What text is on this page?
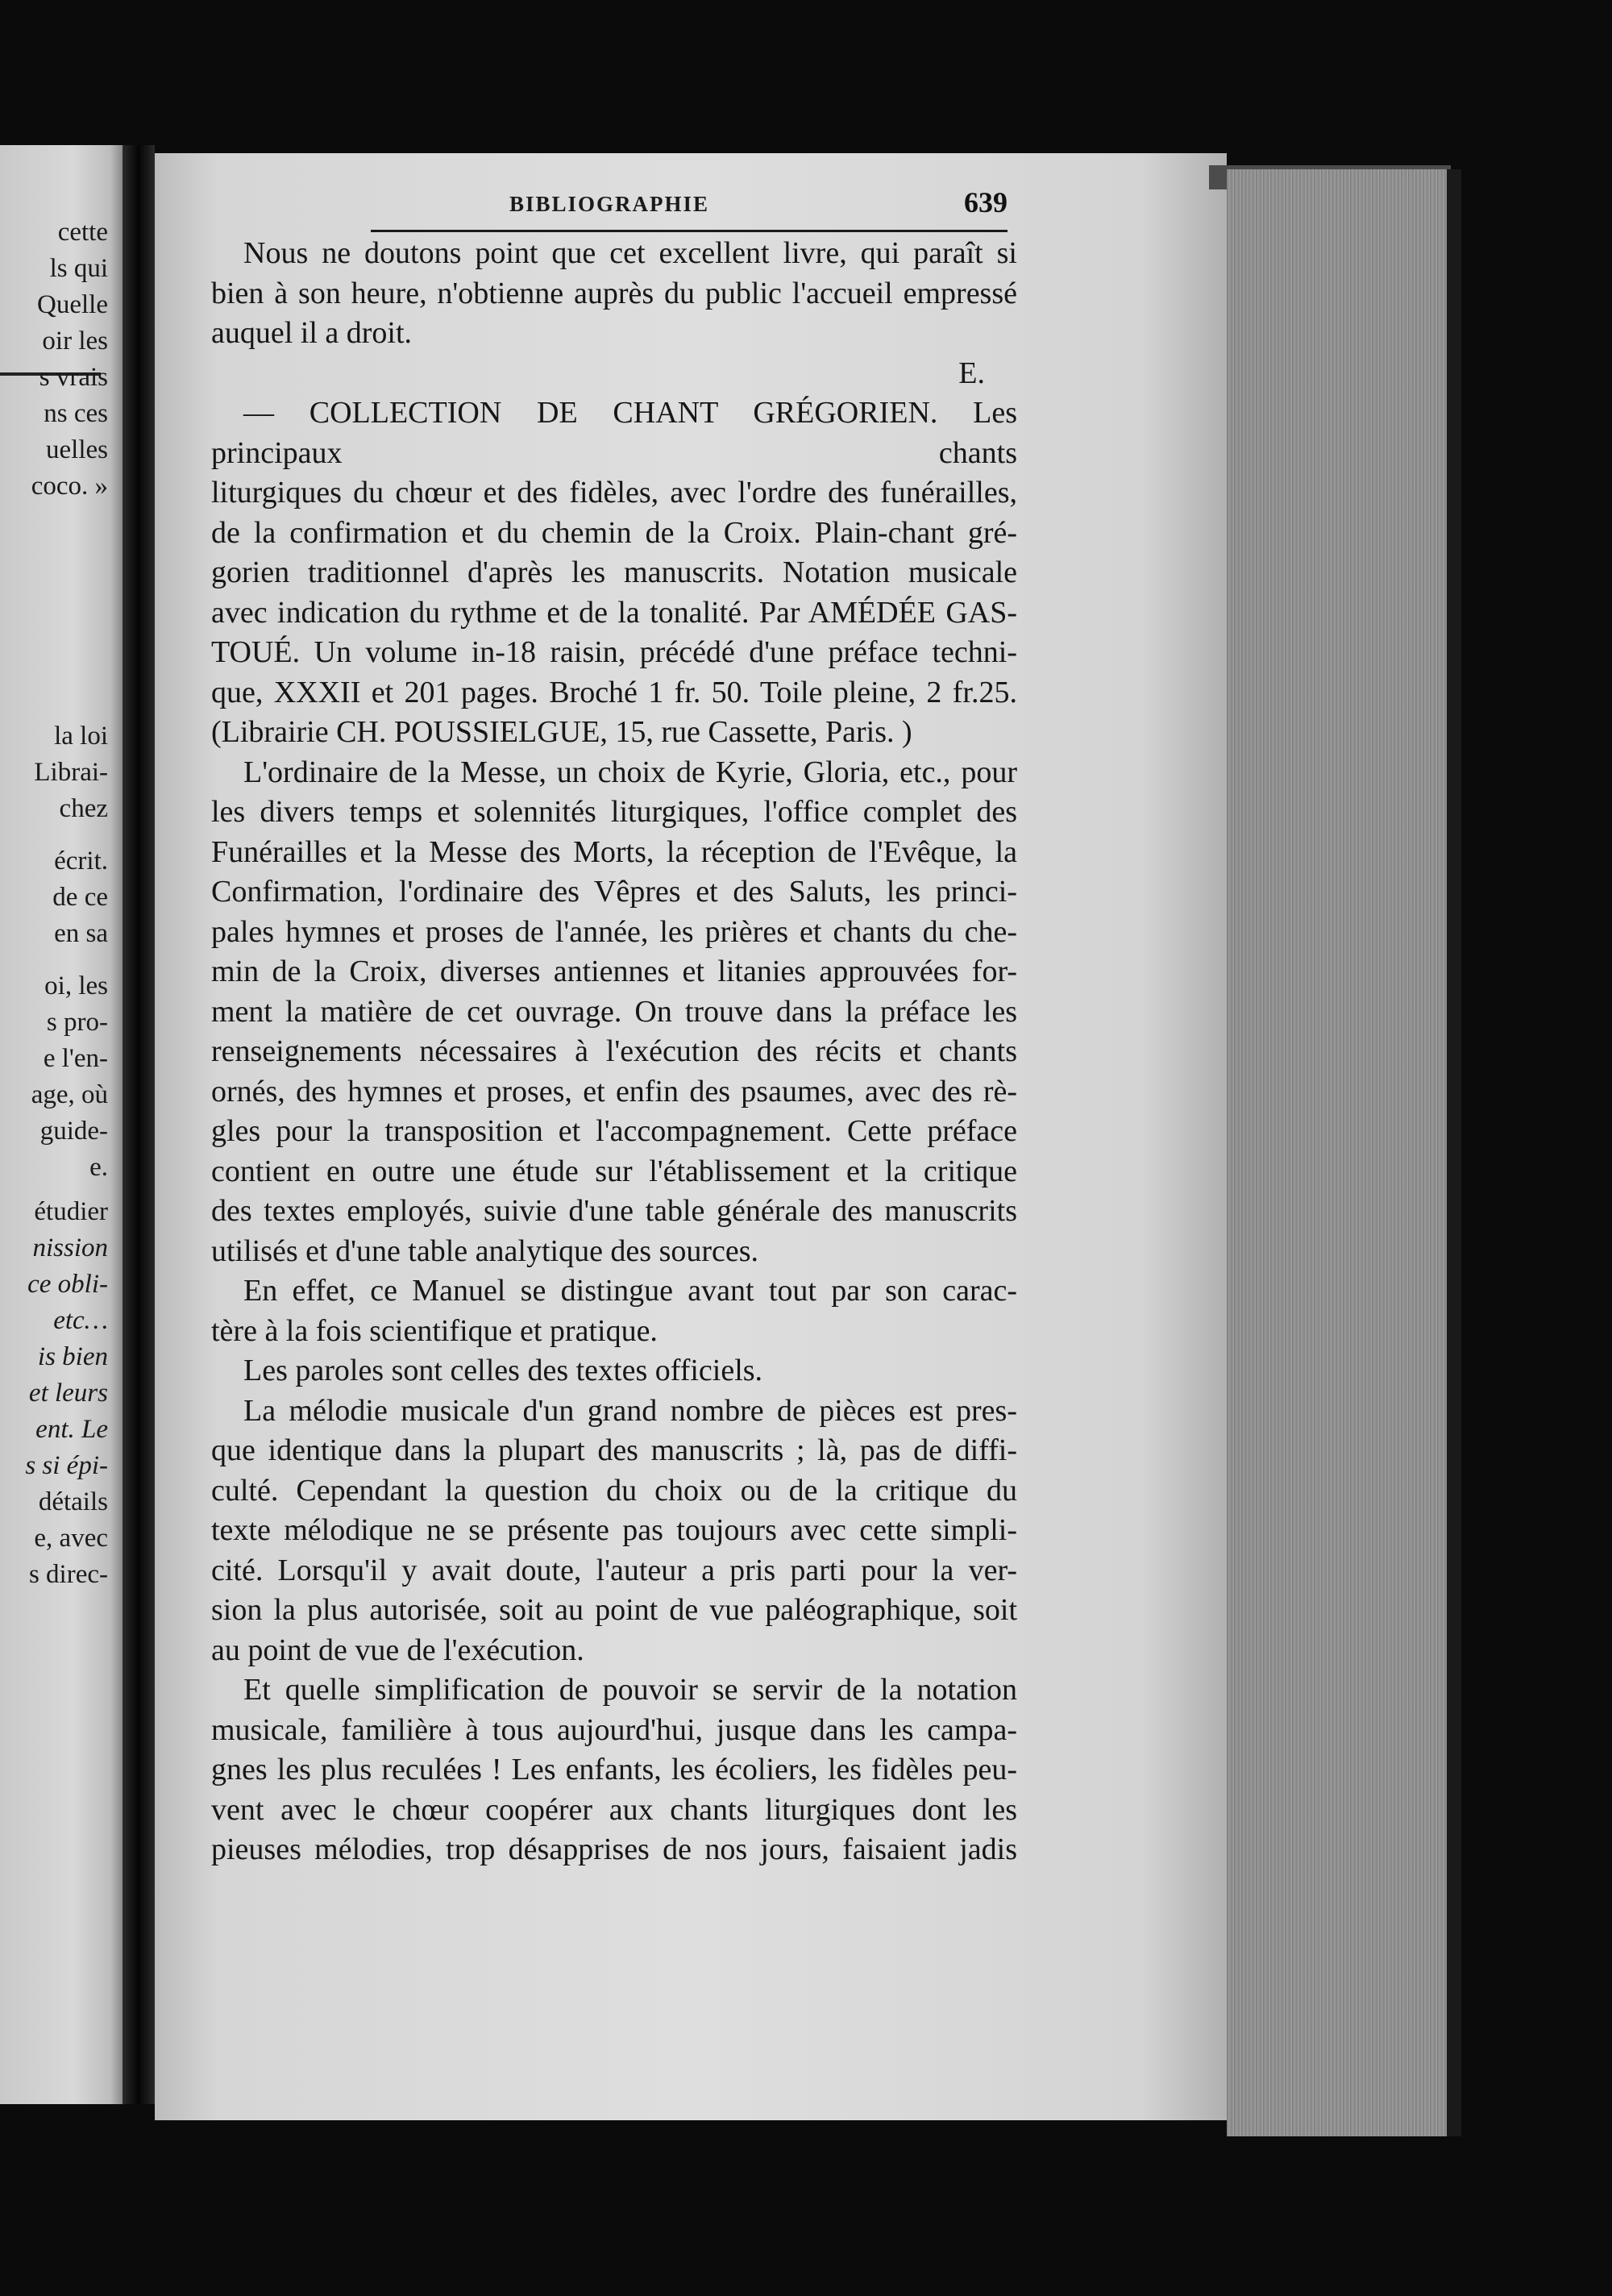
cette
ls qui
Quelle
oir les
s vrais
ns ces
uelles
coco. »
la loi
Librai-
chez
écrit.
de ce
en sa
oi, les
s pro-
e l'en-
age, où
guide-
e.
étudier
nission
ce obli-
etc…
is bien
et leurs
ent. Le
s si épi-
détails
e, avec
s direc-
BIBLIOGRAPHIE	639

Nous ne doutons point que cet excellent livre, qui paraît si

bien à son heure, n'obtienne auprès du public l'accueil empressé

auquel il a droit.

E.

— COLLECTION DE CHANT GRÉGORIEN. Les principaux chants

liturgiques du chœur et des fidèles, avec l'ordre des funérailles,

de la confirmation et du chemin de la Croix. Plain-chant gré-

gorien traditionnel d'après les manuscrits. Notation musicale

avec indication du rythme et de la tonalité. Par AMÉDÉE GAS-

TOUÉ. Un volume in-18 raisin, précédé d'une préface techni-

que, XXXII et 201 pages. Broché 1 fr. 50. Toile pleine, 2 fr.25.

(Librairie CH. POUSSIELGUE, 15, rue Cassette, Paris. )

L'ordinaire de la Messe, un choix de Kyrie, Gloria, etc., pour

les divers temps et solennités liturgiques, l'office complet des

Funérailles et la Messe des Morts, la réception de l'Evêque, la

Confirmation, l'ordinaire des Vêpres et des Saluts, les princi-

pales hymnes et proses de l'année, les prières et chants du che-

min de la Croix, diverses antiennes et litanies approuvées for-

ment la matière de cet ouvrage. On trouve dans la préface les

renseignements nécessaires à l'exécution des récits et chants

ornés, des hymnes et proses, et enfin des psaumes, avec des rè-

gles pour la transposition et l'accompagnement. Cette préface

contient en outre une étude sur l'établissement et la critique

des textes employés, suivie d'une table générale des manuscrits

utilisés et d'une table analytique des sources.

En effet, ce Manuel se distingue avant tout par son carac-

tère à la fois scientifique et pratique.

Les paroles sont celles des textes officiels.

La mélodie musicale d'un grand nombre de pièces est pres-

que identique dans la plupart des manuscrits ; là, pas de diffi-

culté. Cependant la question du choix ou de la critique du

texte mélodique ne se présente pas toujours avec cette simpli-

cité. Lorsqu'il y avait doute, l'auteur a pris parti pour la ver-

sion la plus autorisée, soit au point de vue paléographique, soit

au point de vue de l'exécution.

Et quelle simplification de pouvoir se servir de la notation

musicale, familière à tous aujourd'hui, jusque dans les campa-

gnes les plus reculées ! Les enfants, les écoliers, les fidèles peu-

vent avec le chœur coopérer aux chants liturgiques dont les

pieuses mélodies, trop désapprises de nos jours, faisaient jadis
